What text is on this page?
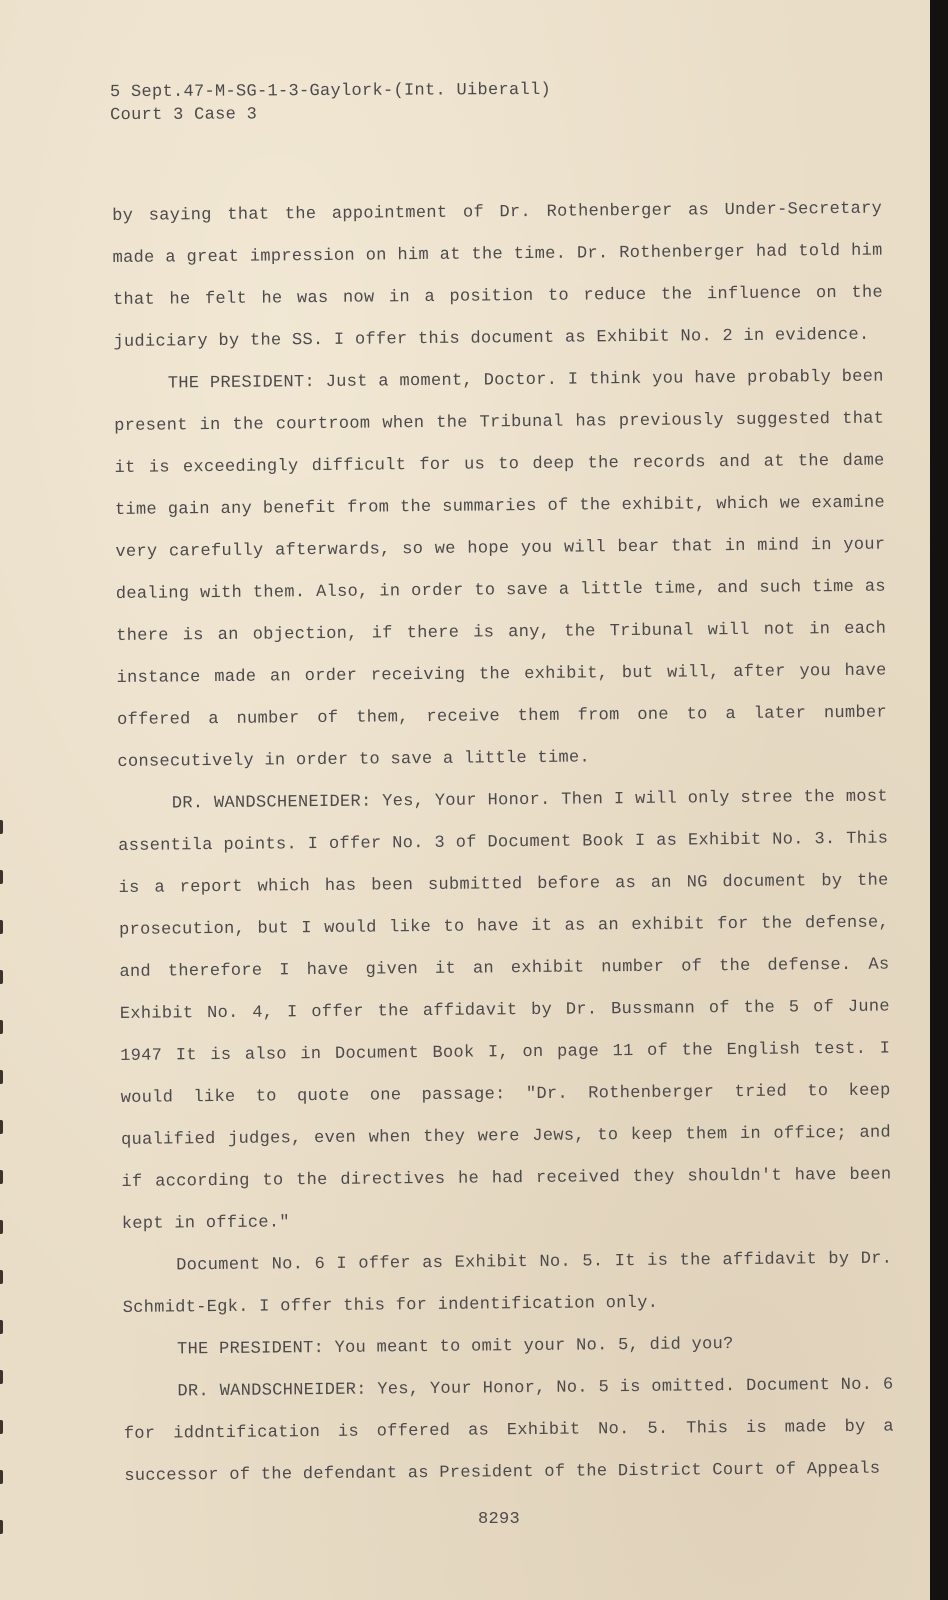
5 Sept.47-M-SG-1-3-Gaylork-(Int. Uiberall)
Court 3 Case 3

by saying that the appointment of Dr. Rothenberger as Under-Secretary made a great impression on him at the time. Dr. Rothenberger had told him that he felt he was now in a position to reduce the influence on the judiciary by the SS. I offer this document as Exhibit No. 2 in evidence.

THE PRESIDENT: Just a moment, Doctor. I think you have probably been present in the courtroom when the Tribunal has previously suggested that it is exceedingly difficult for us to deep the records and at the dame time gain any benefit from the summaries of the exhibit, which we examine very carefully afterwards, so we hope you will bear that in mind in your dealing with them. Also, in order to save a little time, and such time as there is an objection, if there is any, the Tribunal will not in each instance made an order receiving the exhibit, but will, after you have offered a number of them, receive them from one to a later number consecutively in order to save a little time.

DR. WANDSCHENEIDER: Yes, Your Honor. Then I will only stree the most assentila points. I offer No. 3 of Document Book I as Exhibit No. 3. This is a report which has been submitted before as an NG document by the prosecution, but I would like to have it as an exhibit for the defense, and therefore I have given it an exhibit number of the defense. As Exhibit No. 4, I offer the affidavit by Dr. Bussmann of the 5 of June 1947 It is also in Document Book I, on page 11 of the English test. I would like to quote one passage: "Dr. Rothenberger tried to keep qualified judges, even when they were Jews, to keep them in office; and if according to the directives he had received they shouldn't have been kept in office."

Document No. 6 I offer as Exhibit No. 5. It is the affidavit by Dr. Schmidt-Egk. I offer this for indentification only.

THE PRESIDENT: You meant to omit your No. 5, did you?

DR. WANDSCHNEIDER: Yes, Your Honor, No. 5 is omitted. Document No. 6 for iddntification is offered as Exhibit No. 5. This is made by a successor of the defendant as President of the District Court of Appeals

8293
